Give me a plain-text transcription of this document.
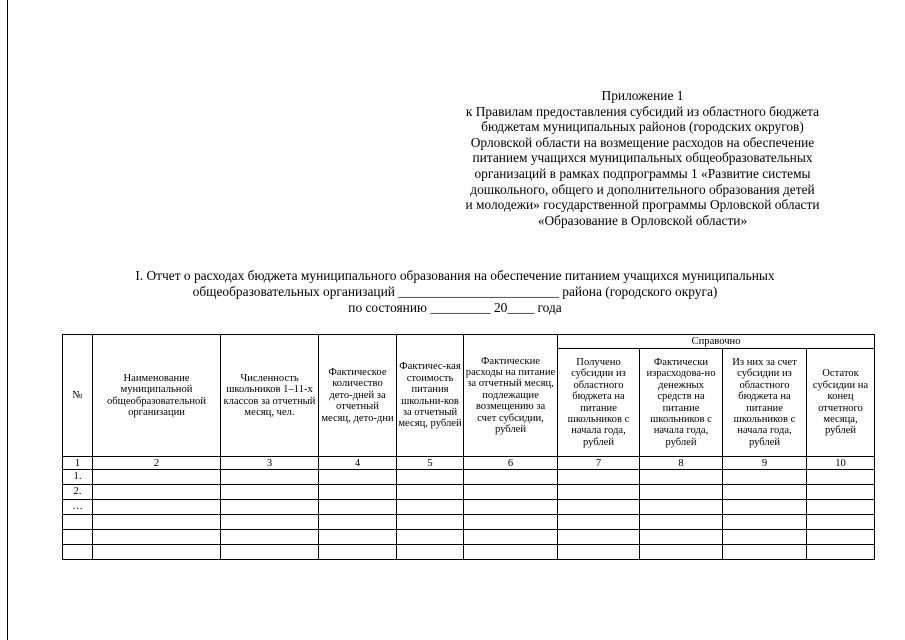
Приложение 1
к Правилам предоставления субсидий из областного бюджета
бюджетам муниципальных районов (городских округов)
Орловской области на возмещение расходов на обеспечение
питанием учащихся муниципальных общеобразовательных
организаций в рамках подпрограммы 1 «Развитие системы
дошкольного, общего и дополнительного образования детей
и молодежи» государственной программы Орловской области
«Образование в Орловской области»
I. Отчет о расходах бюджета муниципального образования на обеспечение питанием учащихся муниципальных
общеобразовательных организаций ________________________ района (городского округа)
по состоянию _________ 20____ года
№	Наименование муниципальной общеобразовательной организации	Численность школьников 1–11-х классов за отчетный месяц, чел.	Фактическое количество дето-дней за отчетный месяц, дето-дни	Фактичес-кая стоимость питания школьни-ков за отчетный месяц, рублей	Фактические расходы на питание за отчетный месяц, подлежащие возмещению за счет субсидии, рублей	Справочно			
						Получено субсидии из областного бюджета на питание школьников с начала года, рублей	Фактически израсходова-но денежных средств на питание школьников с начала года, рублей	Из них за счет субсидии из областного бюджета на питание школьников с начала года, рублей	Остаток субсидии на конец отчетного месяца, рублей
1	2	3	4	5	6	7	8	9	10
1.									
2.									
…									
